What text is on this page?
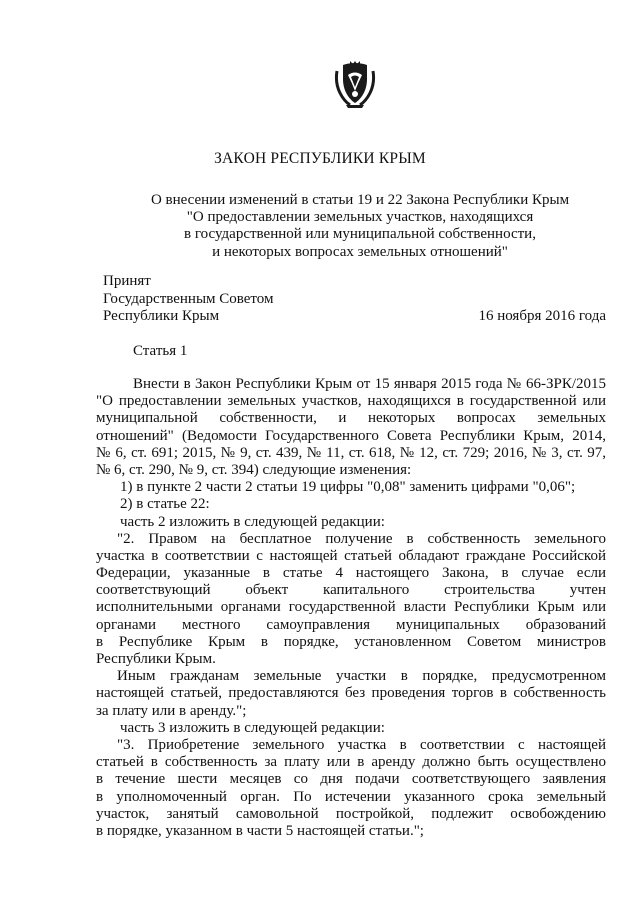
ЗАКОН РЕСПУБЛИКИ КРЫМ
О внесении изменений в статьи 19 и 22 Закона Республики Крым
"О предоставлении земельных участков, находящихся
в государственной или муниципальной собственности,
и некоторых вопросах земельных отношений"
Принят
Государственным Советом
Республики Крым	16 ноября 2016 года
Статья 1
Внести в Закон Республики Крым от 15 января 2015 года № 66-ЗРК/2015
"О предоставлении земельных участков, находящихся в государственной или
муниципальной собственности, и некоторых вопросах земельных
отношений" (Ведомости Государственного Совета Республики Крым, 2014,
№ 6, ст. 691; 2015, № 9, ст. 439, № 11, ст. 618, № 12, ст. 729; 2016, № 3, ст. 97,
№ 6, ст. 290, № 9, ст. 394) следующие изменения:
1) в пункте 2 части 2 статьи 19 цифры "0,08" заменить цифрами "0,06";
2) в статье 22:
часть 2 изложить в следующей редакции:
"2. Правом на бесплатное получение в собственность земельного
участка в соответствии с настоящей статьей обладают граждане Российской
Федерации, указанные в статье 4 настоящего Закона, в случае если
соответствующий объект капитального строительства учтен
исполнительными органами государственной власти Республики Крым или
органами местного самоуправления муниципальных образований
в Республике Крым в порядке, установленном Советом министров
Республики Крым.
Иным гражданам земельные участки в порядке, предусмотренном
настоящей статьей, предоставляются без проведения торгов в собственность
за плату или в аренду.";
часть 3 изложить в следующей редакции:
"3. Приобретение земельного участка в соответствии с настоящей
статьей в собственность за плату или в аренду должно быть осуществлено
в течение шести месяцев со дня подачи соответствующего заявления
в уполномоченный орган. По истечении указанного срока земельный
участок, занятый самовольной постройкой, подлежит освобождению
в порядке, указанном в части 5 настоящей статьи.";
